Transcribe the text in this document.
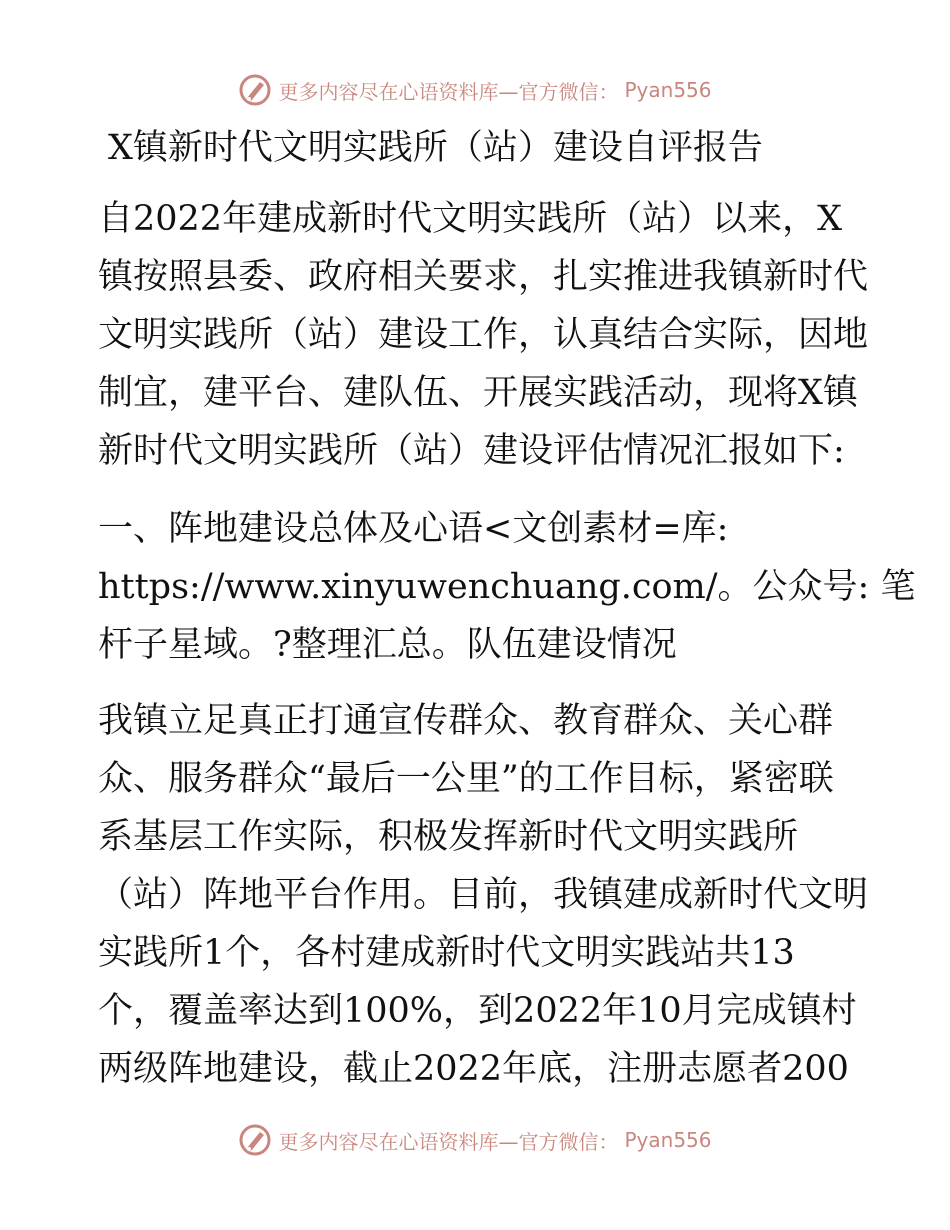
更多内容尽在心语资料库—官方微信： Pyan556
X镇新时代文明实践所（站）建设自评报告
自2022年建成新时代文明实践所（站）以来，X
镇按照县委、政府相关要求，扎实推进我镇新时代
文明实践所（站）建设工作，认真结合实际，因地
制宜，建平台、建队伍、开展实践活动，现将X镇
新时代文明实践所（站）建设评估情况汇报如下:
一、阵地建设总体及心语<文创素材=库:
https://www.xinyuwenchuang.com/。公众号: 笔
杆子星域。?整理汇总。队伍建设情况
我镇立足真正打通宣传群众、教育群众、关心群
众、服务群众“最后一公里”的工作目标，紧密联
系基层工作实际，积极发挥新时代文明实践所
（站）阵地平台作用。目前，我镇建成新时代文明
实践所1个，各村建成新时代文明实践站共13
个，覆盖率达到100%，到2022年10月完成镇村
两级阵地建设，截止2022年底，注册志愿者200
更多内容尽在心语资料库—官方微信： Pyan556
